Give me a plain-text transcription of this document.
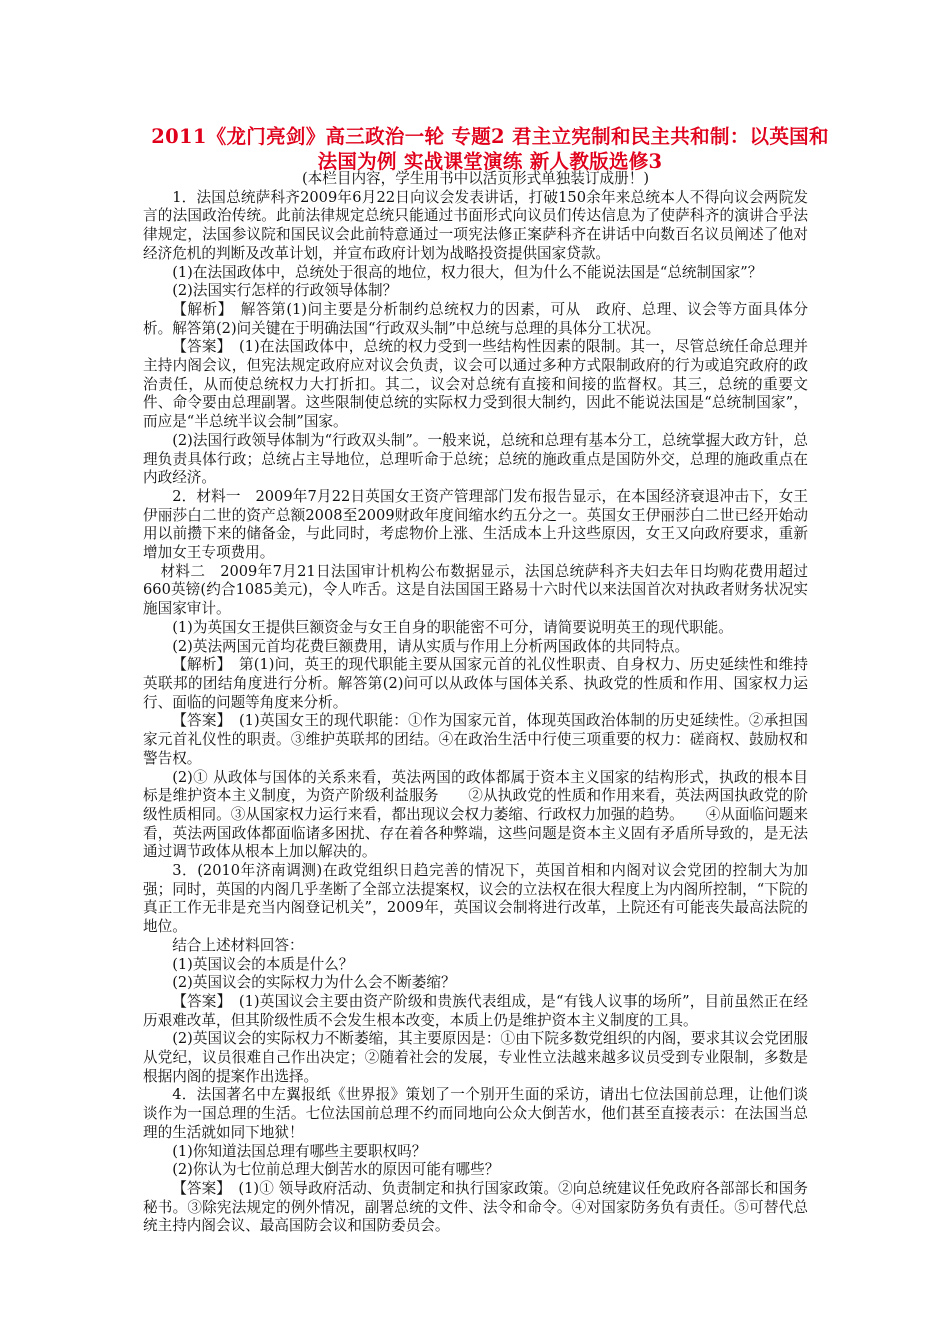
2011《龙门亮剑》高三政治一轮 专题2 君主立宪制和民主共和制：以英国和法国为例 实战课堂演练 新人教版选修3

(本栏目内容，学生用书中以活页形式单独装订成册！)

1．法国总统萨科齐2009年6月22日向议会发表讲话，打破150余年来总统本人不得向议会两院发言的法国政治传统。此前法律规定总统只能通过书面形式向议员们传达信息为了使萨科齐的演讲合乎法律规定，法国参议院和国民议会此前特意通过一项宪法修正案萨科齐在讲话中向数百名议员阐述了他对经济危机的判断及改革计划，并宣布政府计划为战略投资提供国家贷款。

(1)在法国政体中，总统处于很高的地位，权力很大，但为什么不能说法国是“总统制国家”？

(2)法国实行怎样的行政领导体制？

【解析】　解答第(1)问主要是分析制约总统权力的因素，可从　政府、总理、议会等方面具体分析。解答第(2)问关键在于明确法国“行政双头制”中总统与总理的具体分工状况。

【答案】　(1)在法国政体中，总统的权力受到一些结构性因素的限制。其一，尽管总统任命总理并主持内阁会议，但宪法规定政府应对议会负责，议会可以通过多种方式限制政府的行为或追究政府的政治责任，从而使总统权力大打折扣。其二，议会对总统有直接和间接的监督权。其三，总统的重要文件、命令要由总理副署。这些限制使总统的实际权力受到很大制约，因此不能说法国是“总统制国家”，而应是“半总统半议会制”国家。

(2)法国行政领导体制为“行政双头制”。一般来说，总统和总理有基本分工，总统掌握大政方针，总理负责具体行政；总统占主导地位，总理听命于总统；总统的施政重点是国防外交，总理的施政重点在内政经济。

2．材料一　2009年7月22日英国女王资产管理部门发布报告显示，在本国经济衰退冲击下，女王伊丽莎白二世的资产总额2008至2009财政年度间缩水约五分之一。英国女王伊丽莎白二世已经开始动用以前攒下来的储备金，与此同时，考虑物价上涨、生活成本上升这些原因，女王又向政府要求，重新增加女王专项费用。

材料二　2009年7月21日法国审计机构公布数据显示，法国总统萨科齐夫妇去年日均购花费用超过660英镑(约合1085美元)，令人咋舌。这是自法国国王路易十六时代以来法国首次对执政者财务状况实施国家审计。

(1)为英国女王提供巨额资金与女王自身的职能密不可分，请简要说明英王的现代职能。

(2)英法两国元首均花费巨额费用，请从实质与作用上分析两国政体的共同特点。

【解析】　第(1)问，英王的现代职能主要从国家元首的礼仪性职责、自身权力、历史延续性和维持英联邦的团结角度进行分析。解答第(2)问可以从政体与国体关系、执政党的性质和作用、国家权力运行、面临的问题等角度来分析。

【答案】　(1)英国女王的现代职能：①作为国家元首，体现英国政治体制的历史延续性。②承担国家元首礼仪性的职责。③维护英联邦的团结。④在政治生活中行使三项重要的权力：磋商权、鼓励权和警告权。

(2)① 从政体与国体的关系来看，英法两国的政体都属于资本主义国家的结构形式，执政的根本目标是维护资本主义制度，为资产阶级利益服务　　②从执政党的性质和作用来看，英法两国执政党的阶级性质相同。③从国家权力运行来看，都出现议会权力萎缩、行政权力加强的趋势。　　④从面临问题来看，英法两国政体都面临诸多困扰、存在着各种弊端，这些问题是资本主义固有矛盾所导致的，是无法通过调节政体从根本上加以解决的。

3．(2010年济南调测)在政党组织日趋完善的情况下，英国首相和内阁对议会党团的控制大为加强；同时，英国的内阁几乎垄断了全部立法提案权，议会的立法权在很大程度上为内阁所控制，“下院的真正工作无非是充当内阁登记机关”，2009年，英国议会制将进行改革，上院还有可能丧失最高法院的地位。

结合上述材料回答：

(1)英国议会的本质是什么？

(2)英国议会的实际权力为什么会不断萎缩？

【答案】　(1)英国议会主要由资产阶级和贵族代表组成，是“有钱人议事的场所”，目前虽然正在经历艰难改革，但其阶级性质不会发生根本改变，本质上仍是维护资本主义制度的工具。

(2)英国议会的实际权力不断萎缩，其主要原因是：①由下院多数党组织的内阁，要求其议会党团服从党纪，议员很难自己作出决定；②随着社会的发展，专业性立法越来越多议员受到专业限制，多数是根据内阁的提案作出选择。

4．法国著名中左翼报纸《世界报》策划了一个别开生面的采访，请出七位法国前总理，让他们谈谈作为一国总理的生活。七位法国前总理不约而同地向公众大倒苦水，他们甚至直接表示：在法国当总理的生活就如同下地狱！

(1)你知道法国总理有哪些主要职权吗？

(2)你认为七位前总理大倒苦水的原因可能有哪些？

【答案】　(1)① 领导政府活动、负责制定和执行国家政策。②向总统建议任免政府各部部长和国务秘书。③除宪法规定的例外情况，副署总统的文件、法令和命令。④对国家防务负有责任。⑤可替代总统主持内阁会议、最高国防会议和国防委员会。
